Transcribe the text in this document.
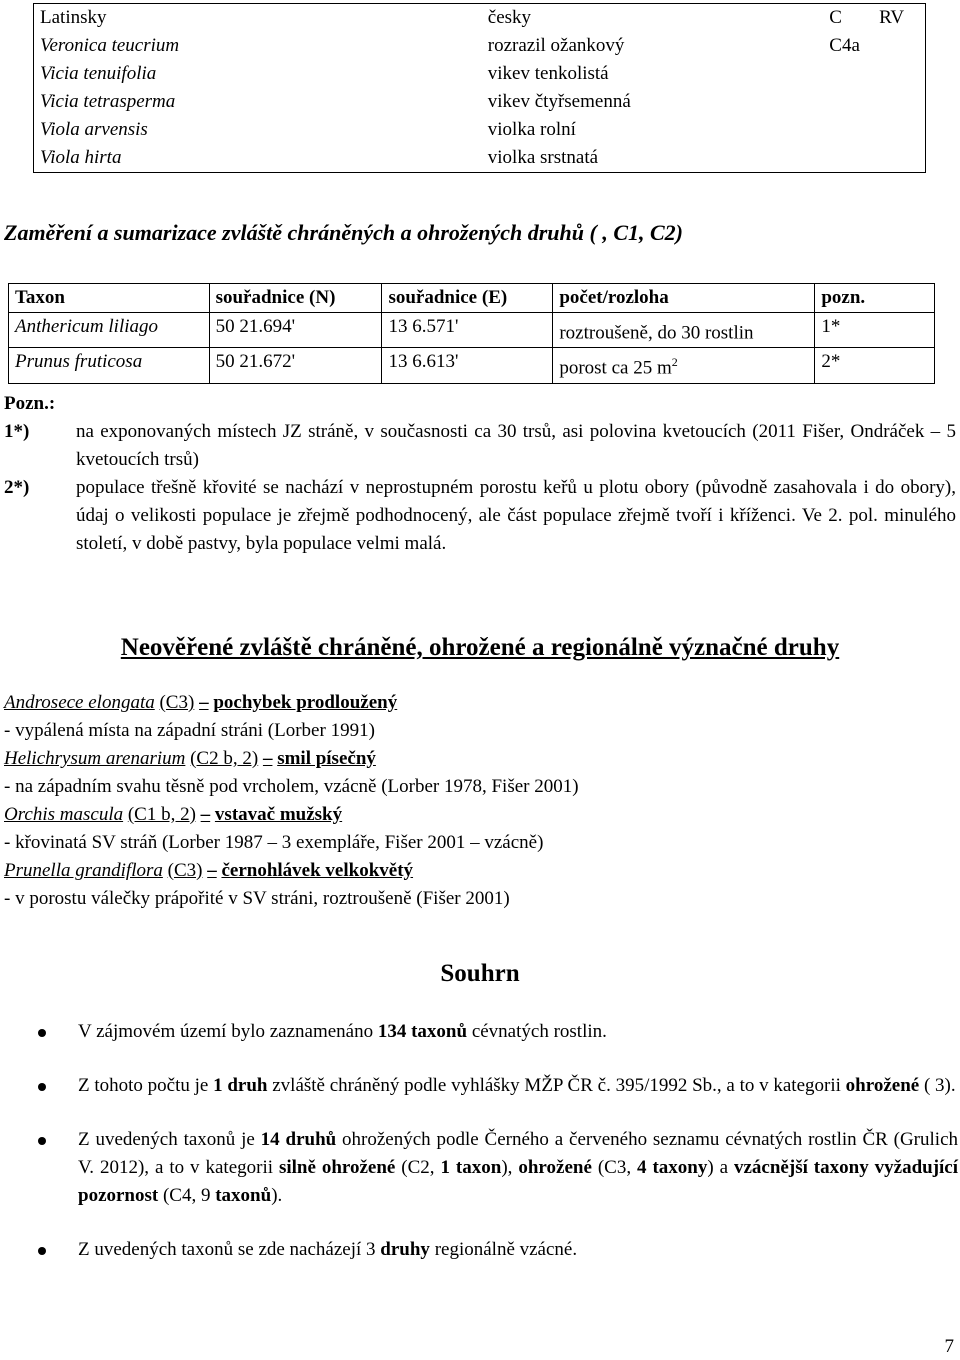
Latinsky	česky		C	RV
Veronica teucrium	rozrazil ožankový		C4a	
Vicia tenuifolia	vikev tenkolistá			
Vicia tetrasperma	vikev čtyřsemenná			
Viola arvensis	violka rolní			
Viola hirta	violka srstnatá			
Zaměření a sumarizace zvláště chráněných a ohrožených druhů ( , C1, C2)
Taxon	souřadnice (N)	souřadnice (E)	počet/rozloha	pozn.
Anthericum liliago	50 21.694'	13 6.571'	roztroušeně, do 30 rostlin	1*
Prunus fruticosa	50 21.672'	13 6.613'	porost ca 25 $m^2$	2*

Pozn.:

1*) na exponovaných místech JZ stráně, v současnosti ca 30 trsů, asi polovina kvetoucích (2011 Fišer, Ondráček – 5 kvetoucích trsů)

2*) populace třešně křovité se nachází v neprostupném porostu keřů u plotu obory (původně zasahovala i do obory), údaj o velikosti populace je zřejmě podhodnocený, ale část populace zřejmě tvoří i kříženci. Ve 2. pol. minulého století, v době pastvy, byla populace velmi malá.

Neověřené zvláště chráněné, ohrožené a regionálně význačné druhy

Androsece elongata (C3) – pochybek prodloužený

- vypálená místa na západní stráni (Lorber 1991)

Helichrysum arenarium (C2 b, 2) – smil písečný

- na západním svahu těsně pod vrcholem, vzácně (Lorber 1978, Fišer 2001)

Orchis mascula (C1 b, 2) – vstavač mužský

- křovinatá SV stráň (Lorber 1987 – 3 exempláře, Fišer 2001 – vzácně)

Prunella grandiflora (C3) – černohlávek velkokvětý

- v porostu válečky prápořité v SV stráni, roztroušeně (Fišer 2001)

Souhrn
V zájmovém území bylo zaznamenáno 134 taxonů cévnatých rostlin.
Z tohoto počtu je 1 druh zvláště chráněný podle vyhlášky MŽP ČR č. 395/1992 Sb., a to v kategorii ohrožené ( 3).
Z uvedených taxonů je 14 druhů ohrožených podle Černého a červeného seznamu cévnatých rostlin ČR (Grulich V. 2012), a to v kategorii silně ohrožené (C2, 1 taxon), ohrožené (C3, 4 taxony) a vzácnější taxony vyžadující pozornost (C4, 9 taxonů).
Z uvedených taxonů se zde nacházejí 3 druhy regionálně vzácné.
7
